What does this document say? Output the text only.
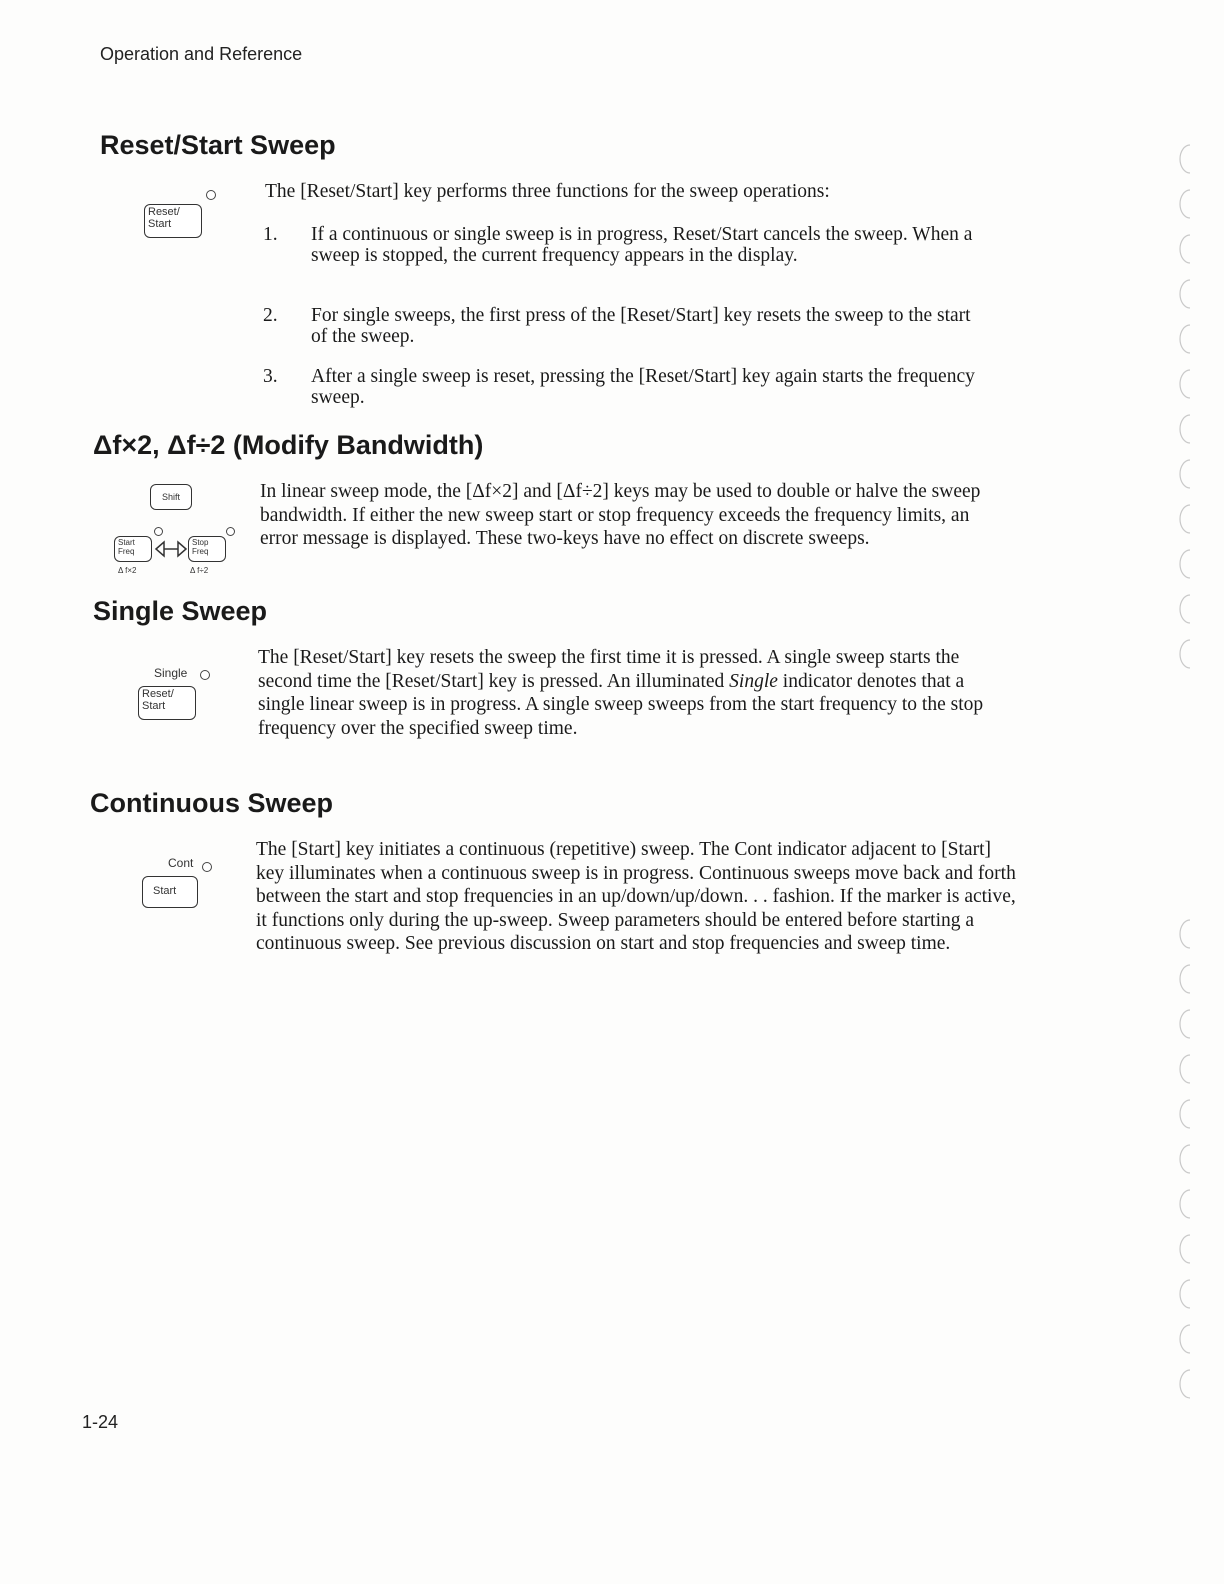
Operation and Reference
Reset/Start Sweep
Reset/
Start
The [Reset/Start] key performs three functions for the sweep operations:
1. If a continuous or single sweep is in progress, Reset/Start cancels the sweep. When a sweep is stopped, the current frequency appears in the display.
2. For single sweeps, the first press of the [Reset/Start] key resets the sweep to the start of the sweep.
3. After a single sweep is reset, pressing the [Reset/Start] key again starts the frequency sweep.
Δf×2, Δf÷2 (Modify Bandwidth)
Shift
Start
Freq
Stop
Freq
Δ f×2	Δ f÷2
In linear sweep mode, the [Δf×2] and [Δf÷2] keys may be used to double or halve the sweep bandwidth. If either the new sweep start or stop frequency exceeds the frequency limits, an error message is displayed. These two-keys have no effect on discrete sweeps.
Single Sweep
Single
Reset/
Start
The [Reset/Start] key resets the sweep the first time it is pressed. A single sweep starts the second time the [Reset/Start] key is pressed. An illuminated Single indicator denotes that a single linear sweep is in progress. A single sweep sweeps from the start frequency to the stop frequency over the specified sweep time.
Continuous Sweep
Cont
Start
The [Start] key initiates a continuous (repetitive) sweep. The Cont indicator adjacent to [Start] key illuminates when a continuous sweep is in progress. Continuous sweeps move back and forth between the start and stop frequencies in an up/down/up/down. . . fashion. If the marker is active, it functions only during the up-sweep. Sweep parameters should be entered before starting a continuous sweep. See previous discussion on start and stop frequencies and sweep time.
1-24
